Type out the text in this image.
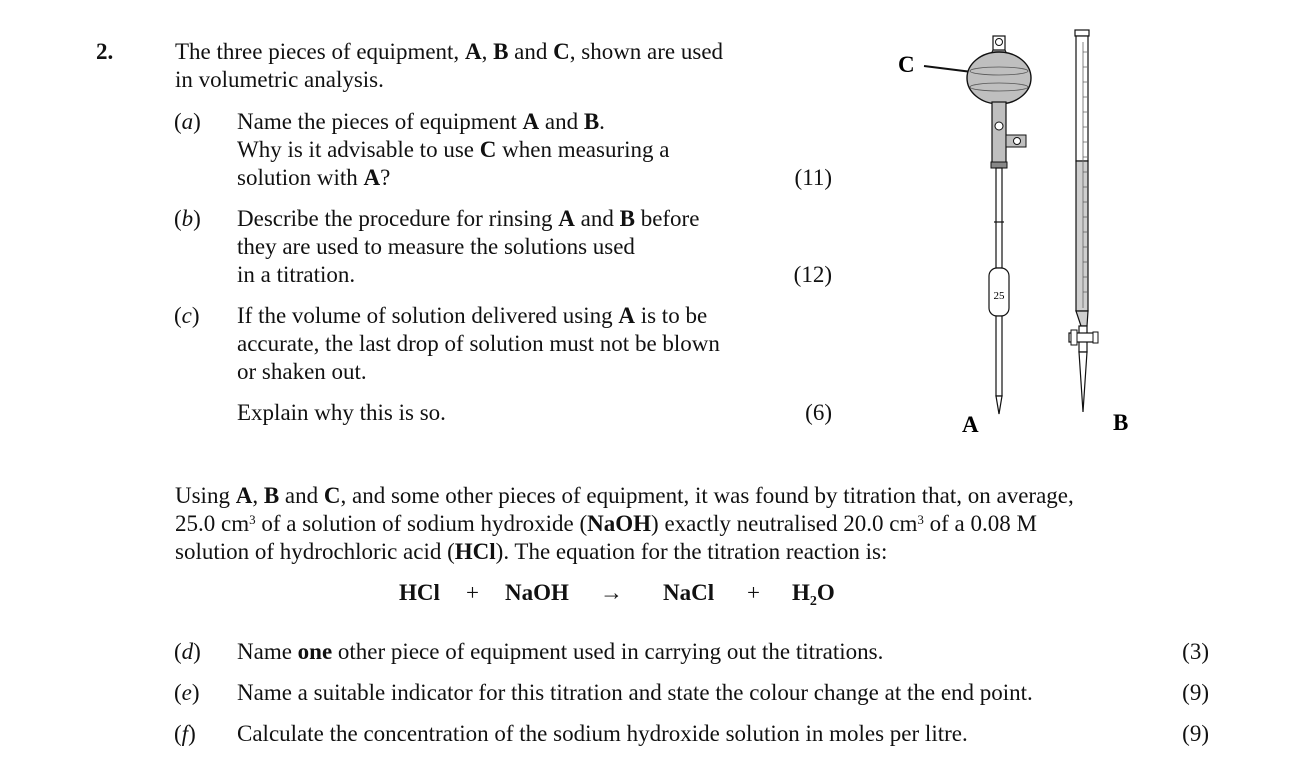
2.	The three pieces of equipment, A, B and C, shown are used
in volumetric analysis.
(a) Name the pieces of equipment A and B.
Why is it advisable to use C when measuring a
solution with A?	(11)
(b) Describe the procedure for rinsing A and B before
they are used to measure the solutions used
in a titration.	(12)
(c) If the volume of solution delivered using A is to be
accurate, the last drop of solution must not be blown
or shaken out.
Explain why this is so.	(6)
C
25
A	B
Using A, B and C, and some other pieces of equipment, it was found by titration that, on average,
25.0 $cm^3$ of a solution of sodium hydroxide (NaOH) exactly neutralised 20.0 $cm^3$ of a 0.08 M
solution of hydrochloric acid (HCl). The equation for the titration reaction is:
HCl + NaOH → NaCl + $H_2O$
(d) Name one other piece of equipment used in carrying out the titrations.	(3)
(e) Name a suitable indicator for this titration and state the colour change at the end point.	(9)
(f) Calculate the concentration of the sodium hydroxide solution in moles per litre.	(9)
